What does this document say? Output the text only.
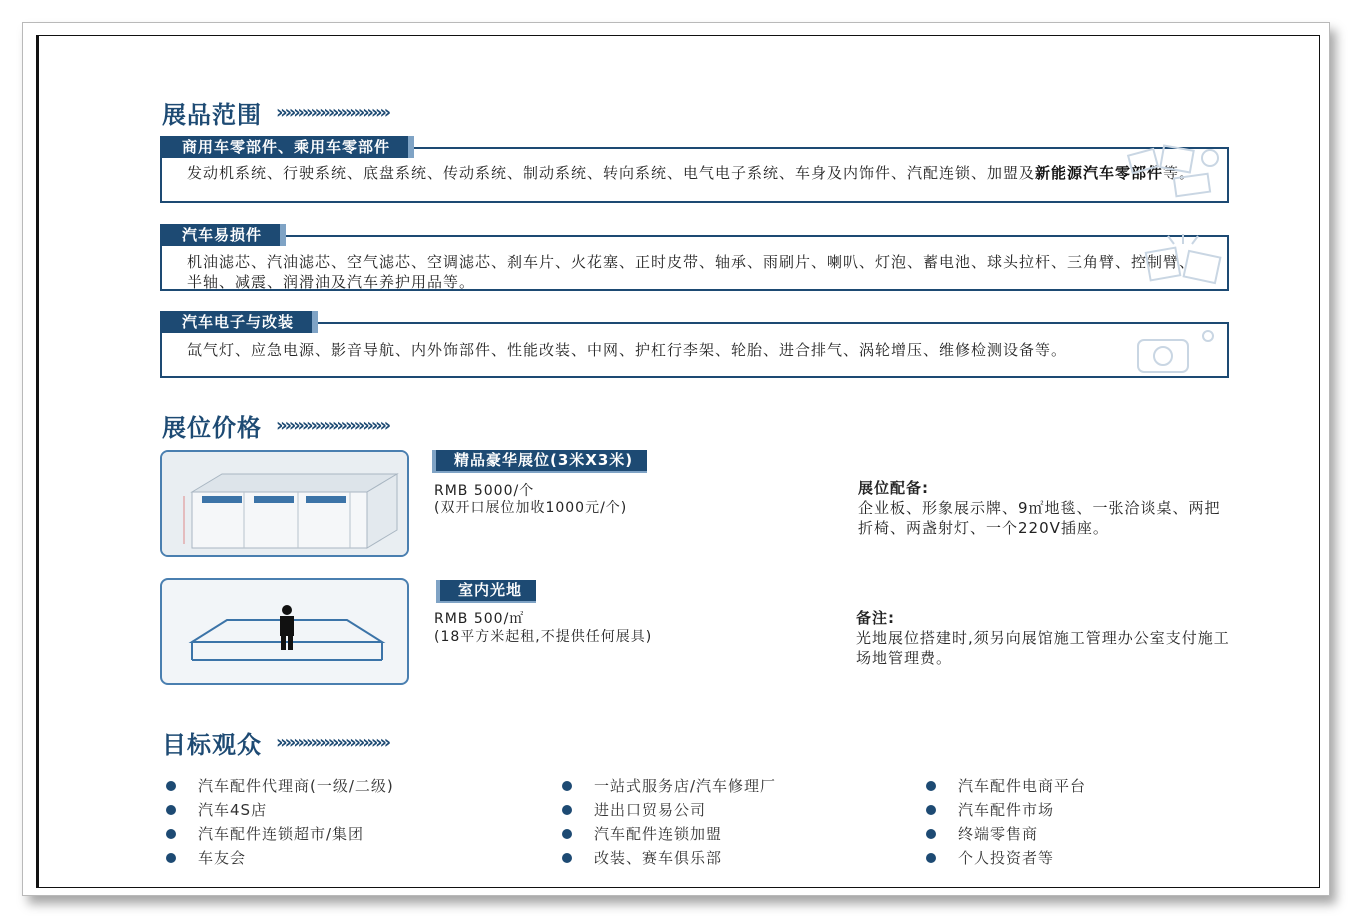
展品范围 »»»»»»»»»»»»»
商用车零部件、乘用车零部件
发动机系统、行驶系统、底盘系统、传动系统、制动系统、转向系统、电气电子系统、车身及内饰件、汽配连锁、加盟及新能源汽车零部件等。
汽车易损件
机油滤芯、汽油滤芯、空气滤芯、空调滤芯、刹车片、火花塞、正时皮带、轴承、雨刷片、喇叭、灯泡、蓄电池、球头拉杆、三角臂、控制臂、半轴、减震、润滑油及汽车养护用品等。
汽车电子与改装
氙气灯、应急电源、影音导航、内外饰部件、性能改装、中网、护杠行李架、轮胎、进合排气、涡轮增压、维修检测设备等。
展位价格 »»»»»»»»»»»»»
精品豪华展位(3米X3米)
RMB 5000/个
(双开口展位加收1000元/个)
展位配备:
企业板、形象展示牌、9㎡地毯、一张洽谈桌、两把折椅、两盏射灯、一个220V插座。
室内光地
RMB 500/㎡
(18平方米起租,不提供任何展具)
备注:
光地展位搭建时,须另向展馆施工管理办公室支付施工场地管理费。
目标观众 »»»»»»»»»»»»»
汽车配件代理商(一级/二级)	一站式服务店/汽车修理厂	汽车配件电商平台
汽车4S店	进出口贸易公司	汽车配件市场
汽车配件连锁超市/集团	汽车配件连锁加盟	终端零售商
车友会	改装、赛车俱乐部	个人投资者等
